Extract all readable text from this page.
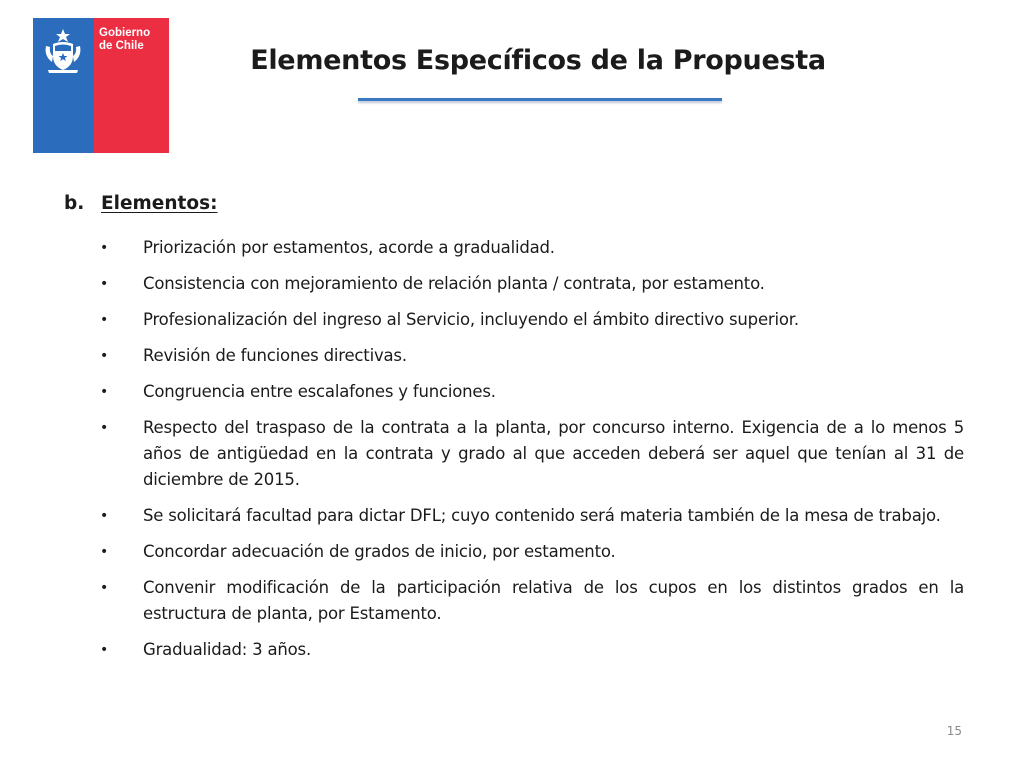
Gobierno
de Chile	Elementos Específicos de la Propuesta
b. Elementos:
• Priorización por estamentos, acorde a gradualidad.
• Consistencia con mejoramiento de relación planta / contrata, por estamento.
• Profesionalización del ingreso al Servicio, incluyendo el ámbito directivo superior.
• Revisión de funciones directivas.
• Congruencia entre escalafones y funciones.
• Respecto del traspaso de la contrata a la planta, por concurso interno. Exigencia de a lo menos 5 años de antigüedad en la contrata y grado al que acceden deberá ser aquel que tenían al 31 de diciembre de 2015.
• Se solicitará facultad para dictar DFL; cuyo contenido será materia también de la mesa de trabajo.
• Concordar adecuación de grados de inicio, por estamento.
• Convenir modificación de la participación relativa de los cupos en los distintos grados en la estructura de planta, por Estamento.
• Gradualidad: 3 años.
15
